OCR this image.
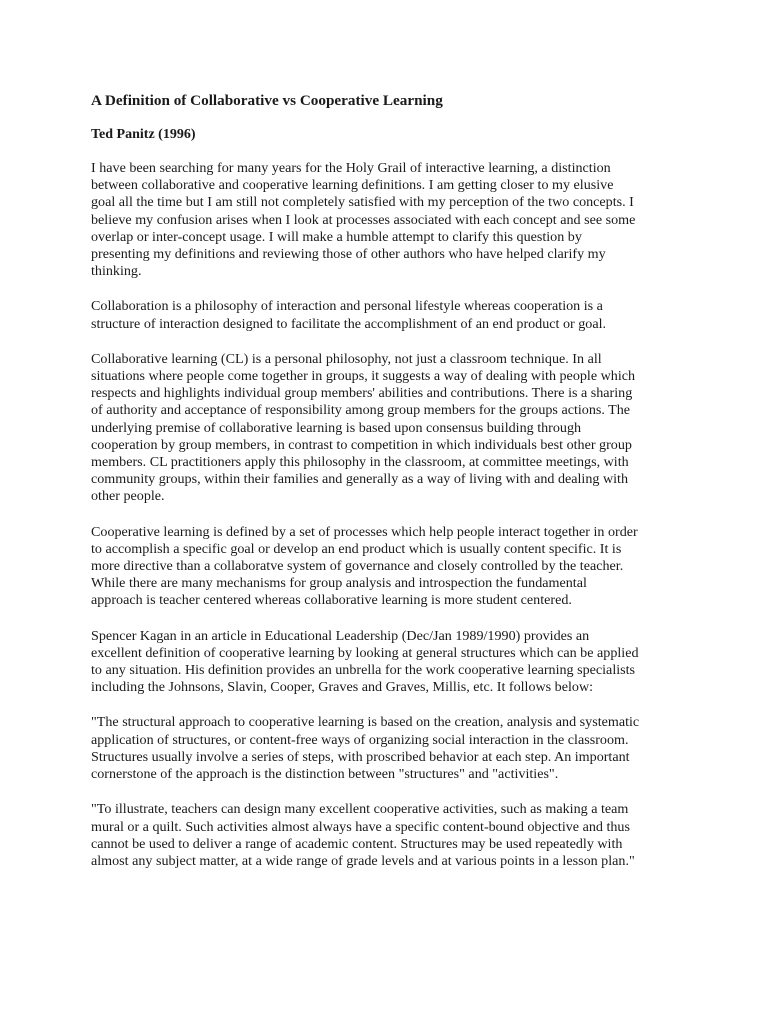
A Definition of Collaborative vs Cooperative Learning
Ted Panitz (1996)
I have been searching for many years for the Holy Grail of interactive learning, a distinction
between collaborative and cooperative learning definitions. I am getting closer to my elusive
goal all the time but I am still not completely satisfied with my perception of the two concepts. I
believe my confusion arises when I look at processes associated with each concept and see some
overlap or inter-concept usage. I will make a humble attempt to clarify this question by
presenting my definitions and reviewing those of other authors who have helped clarify my
thinking.
Collaboration is a philosophy of interaction and personal lifestyle whereas cooperation is a
structure of interaction designed to facilitate the accomplishment of an end product or goal.
Collaborative learning (CL) is a personal philosophy, not just a classroom technique. In all
situations where people come together in groups, it suggests a way of dealing with people which
respects and highlights individual group members' abilities and contributions. There is a sharing
of authority and acceptance of responsibility among group members for the groups actions. The
underlying premise of collaborative learning is based upon consensus building through
cooperation by group members, in contrast to competition in which individuals best other group
members. CL practitioners apply this philosophy in the classroom, at committee meetings, with
community groups, within their families and generally as a way of living with and dealing with
other people.
Cooperative learning is defined by a set of processes which help people interact together in order
to accomplish a specific goal or develop an end product which is usually content specific. It is
more directive than a collaboratve system of governance and closely controlled by the teacher.
While there are many mechanisms for group analysis and introspection the fundamental
approach is teacher centered whereas collaborative learning is more student centered.
Spencer Kagan in an article in Educational Leadership (Dec/Jan 1989/1990) provides an
excellent definition of cooperative learning by looking at general structures which can be applied
to any situation. His definition provides an unbrella for the work cooperative learning specialists
including the Johnsons, Slavin, Cooper, Graves and Graves, Millis, etc. It follows below:
"The structural approach to cooperative learning is based on the creation, analysis and systematic
application of structures, or content-free ways of organizing social interaction in the classroom.
Structures usually involve a series of steps, with proscribed behavior at each step. An important
cornerstone of the approach is the distinction between "structures" and "activities".
"To illustrate, teachers can design many excellent cooperative activities, such as making a team
mural or a quilt. Such activities almost always have a specific content-bound objective and thus
cannot be used to deliver a range of academic content. Structures may be used repeatedly with
almost any subject matter, at a wide range of grade levels and at various points in a lesson plan."
